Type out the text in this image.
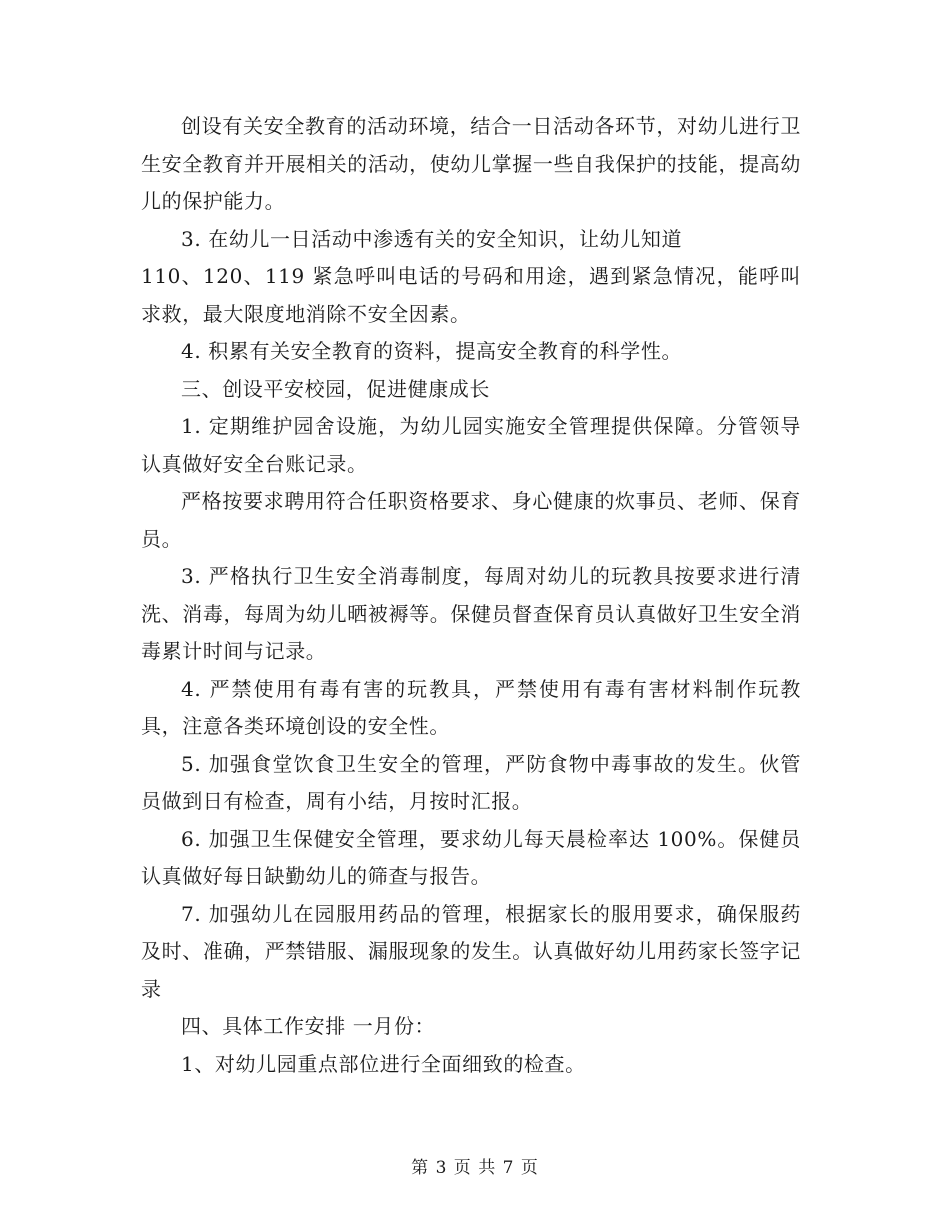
创设有关安全教育的活动环境，结合一日活动各环节，对幼儿进行卫生安全教育并开展相关的活动，使幼儿掌握一些自我保护的技能，提高幼儿的保护能力。

3. 在幼儿一日活动中渗透有关的安全知识，让幼儿知道

110、120、119 紧急呼叫电话的号码和用途，遇到紧急情况，能呼叫求救，最大限度地消除不安全因素。

4. 积累有关安全教育的资料，提高安全教育的科学性。

三、创设平安校园，促进健康成长

1. 定期维护园舍设施，为幼儿园实施安全管理提供保障。分管领导认真做好安全台账记录。

严格按要求聘用符合任职资格要求、身心健康的炊事员、老师、保育员。

3. 严格执行卫生安全消毒制度，每周对幼儿的玩教具按要求进行清洗、消毒，每周为幼儿晒被褥等。保健员督查保育员认真做好卫生安全消毒累计时间与记录。

4. 严禁使用有毒有害的玩教具，严禁使用有毒有害材料制作玩教具，注意各类环境创设的安全性。

5. 加强食堂饮食卫生安全的管理，严防食物中毒事故的发生。伙管员做到日有检查，周有小结，月按时汇报。

6. 加强卫生保健安全管理，要求幼儿每天晨检率达 100%。保健员认真做好每日缺勤幼儿的筛查与报告。

7. 加强幼儿在园服用药品的管理，根据家长的服用要求，确保服药及时、准确，严禁错服、漏服现象的发生。认真做好幼儿用药家长签字记录

四、具体工作安排 一月份：

1、对幼儿园重点部位进行全面细致的检查。

第 3 页 共 7 页
